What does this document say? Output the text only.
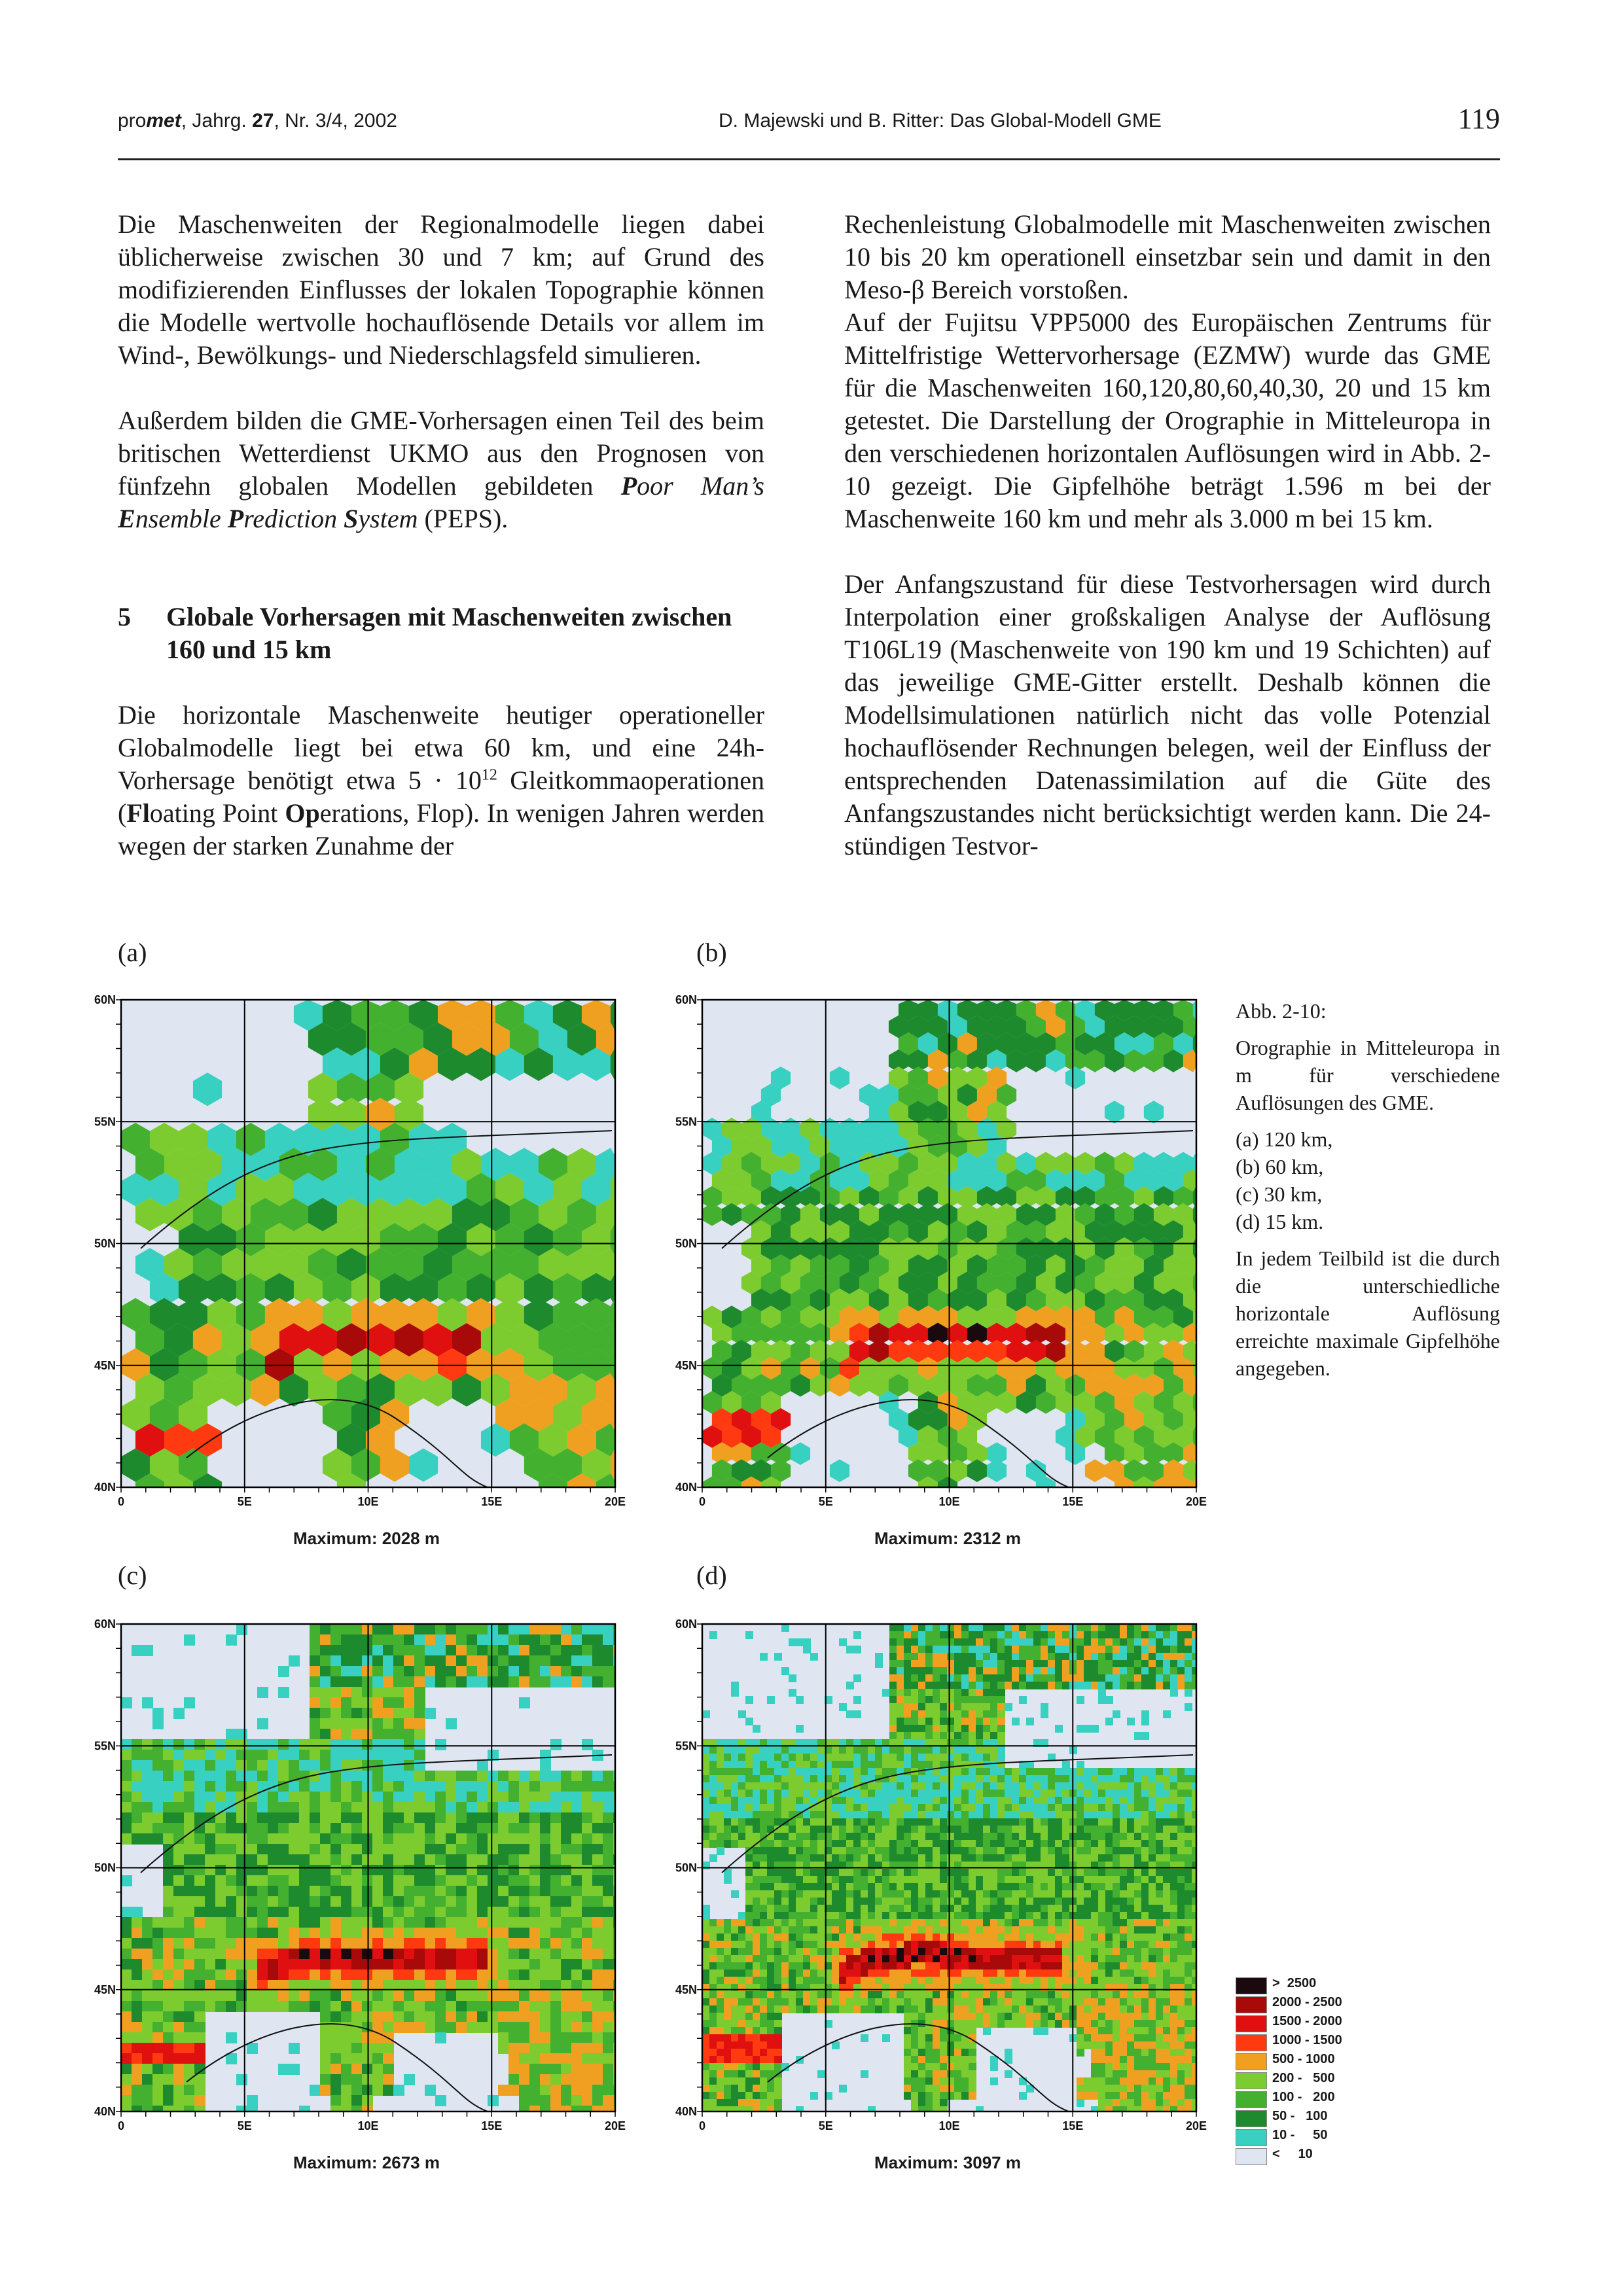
promet, Jahrg. 27, Nr. 3/4, 2002	D. Majewski und B. Ritter: Das Global-Modell GME	119

Die Maschenweiten der Regionalmodelle liegen dabei üblicherweise zwischen 30 und 7 km; auf Grund des modifizierenden Einflusses der lokalen Topographie können die Modelle wertvolle hochauflösende Details vor allem im Wind-, Bewölkungs- und Niederschlagsfeld simulieren.

Außerdem bilden die GME-Vorhersagen einen Teil des beim britischen Wetterdienst UKMO aus den Prognosen von fünfzehn globalen Modellen gebildeten Poor Man’s Ensemble Prediction System (PEPS).

5 Globale Vorhersagen mit Maschenweiten zwischen 160 und 15 km

Die horizontale Maschenweite heutiger operationeller Globalmodelle liegt bei etwa 60 km, und eine 24h-Vorhersage benötigt etwa $5 \cdot 10^{12}$ Gleitkommaoperationen (Floating Point Operations, Flop). In wenigen Jahren werden wegen der starken Zunahme der

Rechenleistung Globalmodelle mit Maschenweiten zwischen 10 bis 20 km operationell einsetzbar sein und damit in den Meso-β Bereich vorstoßen.

Auf der Fujitsu VPP5000 des Europäischen Zentrums für Mittelfristige Wettervorhersage (EZMW) wurde das GME für die Maschenweiten 160,120,80,60,40,30, 20 und 15 km getestet. Die Darstellung der Orographie in Mitteleuropa in den verschiedenen horizontalen Auflösungen wird in Abb. 2-10 gezeigt. Die Gipfelhöhe beträgt 1.596 m bei der Maschenweite 160 km und mehr als 3.000 m bei 15 km.

Der Anfangszustand für diese Testvorhersagen wird durch Interpolation einer großskaligen Analyse der Auflösung T106L19 (Maschenweite von 190 km und 19 Schichten) auf das jeweilige GME-Gitter erstellt. Deshalb können die Modellsimulationen natürlich nicht das volle Potenzial hochauflösender Rechnungen belegen, weil der Einfluss der entsprechenden Datenassimilation auf die Güte des Anfangszustandes nicht berücksichtigt werden kann. Die 24-stündigen Testvor-

(a)	(b)
(c)	(d)
60N
0
55N
5E
50N
10E
45N
15E
40N
20E
60N
0
55N
5E
50N
10E
45N
15E
40N
20E
60N
0
55N
5E
50N
10E
45N
15E
40N
20E
60N
0
55N
5E
50N
10E
45N
15E
40N
20E
Maximum: 2028 m	Maximum: 2312 m
Maximum: 2673 m	Maximum: 3097 m

Abb. 2-10:

Orographie in Mitteleuropa in m für verschiedene Auflösungen des GME.

(a) 120 km,
(b) 60 km,
(c) 30 km,
(d) 15 km.

In jedem Teilbild ist die durch die unterschiedliche horizontale Auflösung erreichte maximale Gipfelhöhe angegeben.

>  2500
2000 - 2500
1500 - 2000
1000 - 1500
500 - 1000
200 -   500
100 -   200
50 -   100
10 -     50
<     10
